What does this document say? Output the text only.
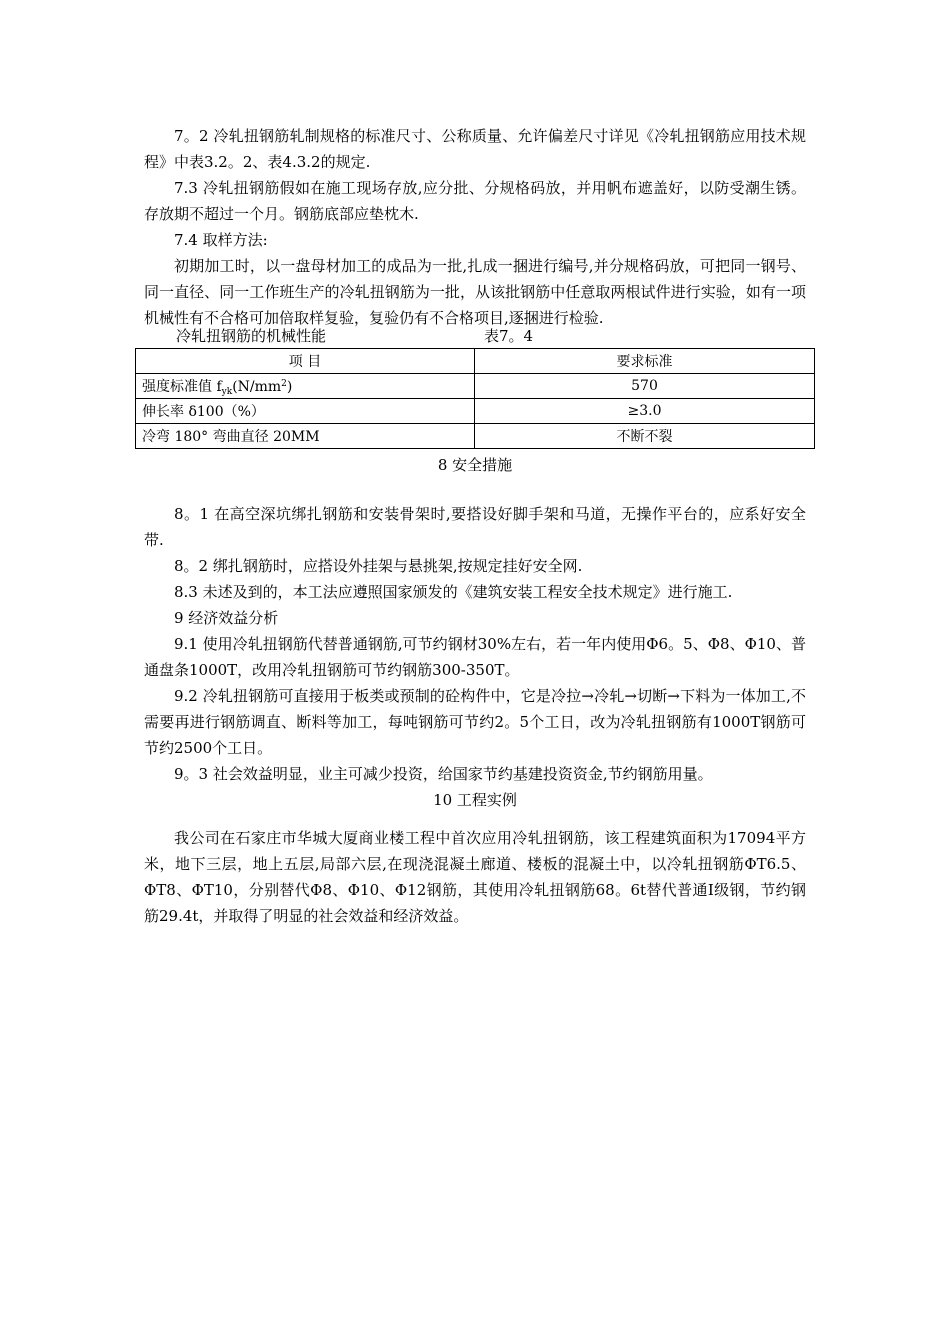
7。2 冷轧扭钢筋轧制规格的标准尺寸、公称质量、允许偏差尺寸详见《冷轧扭钢筋应用技术规程》中表3.2。2、表4.3.2的规定.

7.3 冷轧扭钢筋假如在施工现场存放,应分批、分规格码放，并用帆布遮盖好，以防受潮生锈。存放期不超过一个月。钢筋底部应垫枕木.

7.4 取样方法:

初期加工时，以一盘母材加工的成品为一批,扎成一捆进行编号,并分规格码放，可把同一钢号、同一直径、同一工作班生产的冷轧扭钢筋为一批，从该批钢筋中任意取两根试件进行实验，如有一项机械性有不合格可加倍取样复验，复验仍有不合格项目,逐捆进行检验.

冷轧扭钢筋的机械性能	表7。4
项 目	要求标准
强度标准值 $f_{yk}(N/mm^2)$	570
伸长率 δ100（%）	≥3.0
冷弯 180° 弯曲直径 20MM	不断不裂

8 安全措施

8。1 在高空深坑绑扎钢筋和安装骨架时,要搭设好脚手架和马道，无操作平台的，应系好安全带.

8。2 绑扎钢筋时，应搭设外挂架与悬挑架,按规定挂好安全网.

8.3 未述及到的，本工法应遵照国家颁发的《建筑安装工程安全技术规定》进行施工.

9 经济效益分析

9.1 使用冷轧扭钢筋代替普通钢筋,可节约钢材30%左右，若一年内使用Φ6。5、Φ8、Φ10、普通盘条1000T，改用冷轧扭钢筋可节约钢筋300-350T。

9.2 冷轧扭钢筋可直接用于板类或预制的砼构件中，它是冷拉→冷轧→切断→下料为一体加工,不需要再进行钢筋调直、断料等加工，每吨钢筋可节约2。5个工日，改为冷轧扭钢筋有1000T钢筋可节约2500个工日。

9。3 社会效益明显，业主可减少投资，给国家节约基建投资资金,节约钢筋用量。

10 工程实例

我公司在石家庄市华城大厦商业楼工程中首次应用冷轧扭钢筋，该工程建筑面积为17094平方米，地下三层，地上五层,局部六层,在现浇混凝土廊道、楼板的混凝土中，以冷轧扭钢筋ΦT6.5、ΦT8、ΦT10，分别替代Φ8、Φ10、Φ12钢筋，其使用冷轧扭钢筋68。6t替代普通Ⅰ级钢，节约钢筋29.4t，并取得了明显的社会效益和经济效益。
